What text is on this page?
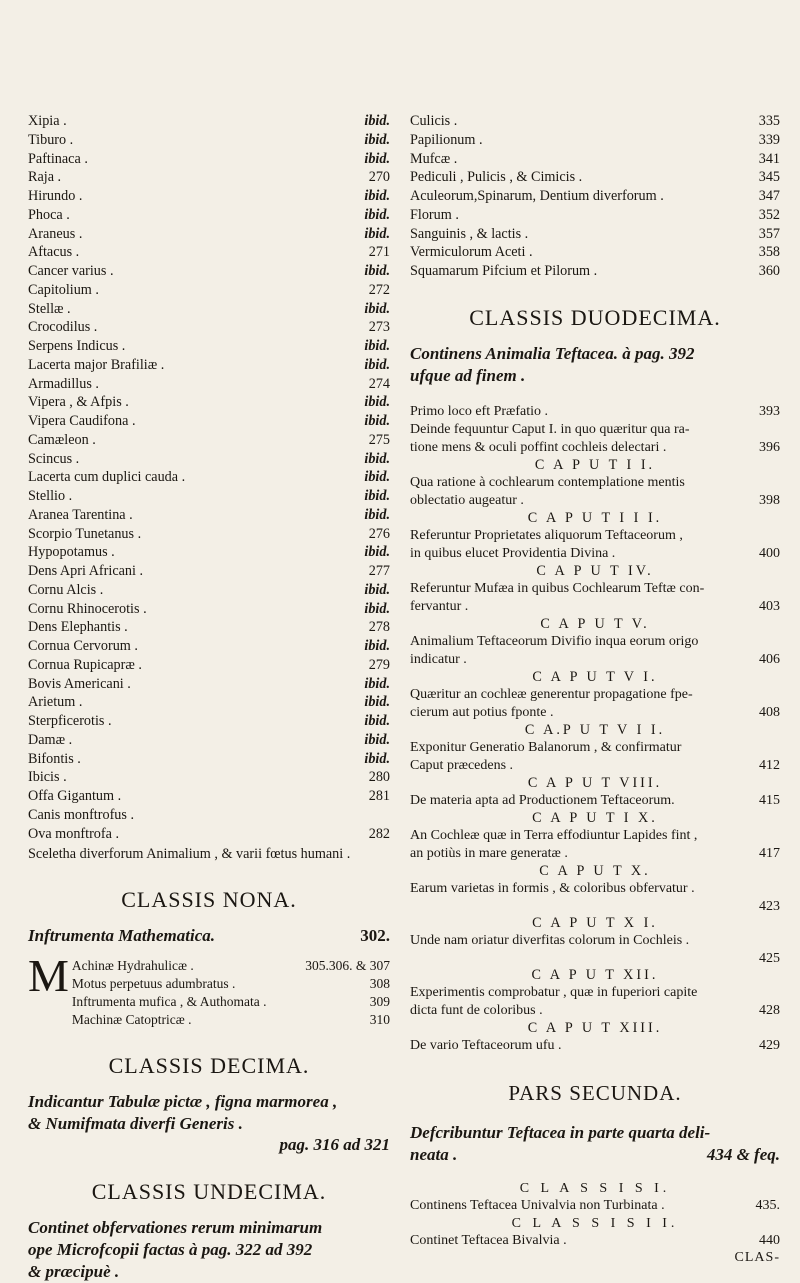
Xipia .	ibid.
Tiburo .	ibid.
Paftinaca .	ibid.
Raja .	270
Hirundo .	ibid.
Phoca .	ibid.
Araneus .	ibid.
Aftacus .	271
Cancer varius .	ibid.
Capitolium .	272
Stellæ .	ibid.
Crocodilus .	273
Serpens Indicus .	ibid.
Lacerta major Brafiliæ .	ibid.
Armadillus .	274
Vipera , & Afpis .	ibid.
Vipera Caudifona .	ibid.
Camæleon .	275
Scincus .	ibid.
Lacerta cum duplici cauda .	ibid.
Stellio .	ibid.
Aranea Tarentina .	ibid.
Scorpio Tunetanus .	276
Hypopotamus .	ibid.
Dens Apri Africani .	277
Cornu Alcis .	ibid.
Cornu Rhinocerotis .	ibid.
Dens Elephantis .	278
Cornua Cervorum .	ibid.
Cornua Rupicapræ .	279
Bovis Americani .	ibid.
Arietum .	ibid.
Sterpficerotis .	ibid.
Damæ .	ibid.
Bifontis .	ibid.
Ibicis .	280
Offa Gigantum .	281
Canis monftrofus .
Ova monftrofa .	282
Sceletha diverforum Animalium , & varii fœtus humani .
CLASSIS NONA.
Inftrumenta Mathematica.	302.
M Achinæ Hydrahulicæ .	305.306. & 307
Motus perpetuus adumbratus .	308
Inftrumenta mufica , & Authomata .	309
Machinæ Catoptricæ .	310
CLASSIS DECIMA.
Indicantur Tabulæ pictæ , figna marmorea ,
& Numifmata diverfi Generis .
pag. 316 ad 321
CLASSIS UNDECIMA.
Continet obfervationes rerum minimarum
ope Microfcopii factas à pag. 322 ad 392
& præcipuè .
Culicis .	335
Papilionum .	339
Mufcæ .	341
Pediculi , Pulicis , & Cimicis .	345
Aculeorum,Spinarum, Dentium diverforum .	347
Florum .	352
Sanguinis , & lactis .	357
Vermiculorum Aceti .	358
Squamarum Pifcium et Pilorum .	360
CLASSIS DUODECIMA.
Continens Animalia Teftacea. à pag. 392
ufque ad finem .
Primo loco eft Præfatio .	393
Deinde fequuntur Caput I. in quo quæritur qua ra-
tione mens & oculi poffint cochleis delectari .	396
C A P U T I I.
Qua ratione à cochlearum contemplatione mentis
oblectatio augeatur .	398
C A P U T I I I.
Referuntur Proprietates aliquorum Teftaceorum ,
in quibus elucet Providentia Divina .	400
C A P U T IV.
Referuntur Mufæa in quibus Cochlearum Teftæ con-
fervantur .	403
C A P U T V.
Animalium Teftaceorum Divifio inqua eorum origo
indicatur .	406
C A P U T V I.
Quæritur an cochleæ generentur propagatione fpe-
cierum aut potius fponte .	408
C A.P U T V I I.
Exponitur Generatio Balanorum , & confirmatur
Caput præcedens .	412
C A P U T VIII.
De materia apta ad Productionem Teftaceorum.	415
C A P U T I X.
An Cochleæ quæ in Terra effodiuntur Lapides fint ,
an potiùs in mare generatæ .	417
C A P U T X.
Earum varietas in formis , & coloribus obfervatur .
423
C A P U T X I.
Unde nam oriatur diverfitas colorum in Cochleis .
425
C A P U T XII.
Experimentis comprobatur , quæ in fuperiori capite
dicta funt de coloribus .	428
C A P U T XIII.
De vario Teftaceorum ufu .	429
PARS SECUNDA.
Defcribuntur Teftacea in parte quarta deli-
neata .	434 & feq.
C L A S S I S I.
Continens Teftacea Univalvia non Turbinata .	435.
C L A S S I S I I.
Continet Teftacea Bivalvia .	440
CLAS-
